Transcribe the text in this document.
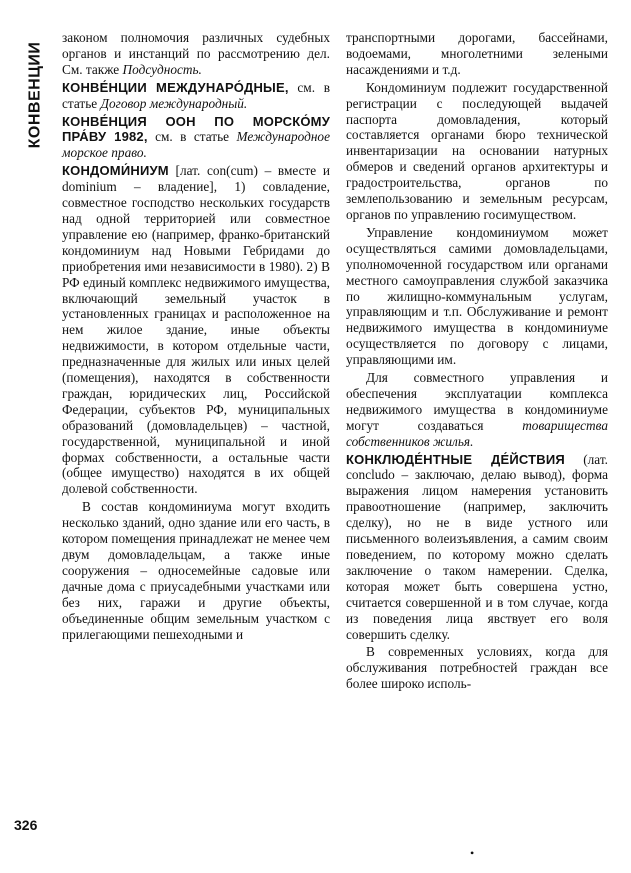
КОНВЕНЦИИ
326

законом полномочия различных судебных органов и инстанций по рассмотрению дел. См. также Подсудность.

КОНВЕ́НЦИИ МЕЖДУНАРО́ДНЫЕ, см. в статье Договор международный.

КОНВЕ́НЦИЯ ООН ПО МОРСКО́МУ ПРА́ВУ 1982, см. в статье Международное морское право.

КОНДОМИ́НИУМ [лат. con(cum) – вместе и dominium – владение], 1) совладение, совместное господство нескольких государств над одной территорией или совместное управление ею (например, франко-британский кондоминиум над Новыми Гебридами до приобретения ими независимости в 1980). 2) В РФ единый комплекс недвижимого имущества, включающий земельный участок в установленных границах и расположенное на нем жилое здание, иные объекты недвижимости, в котором отдельные части, предназначенные для жилых или иных целей (помещения), находятся в собственности граждан, юридических лиц, Российской Федерации, субъектов РФ, муниципальных образований (домовладельцев) – частной, государственной, муниципальной и иной формах собственности, а остальные части (общее имущество) находятся в их общей долевой собственности.

В состав кондоминиума могут входить несколько зданий, одно здание или его часть, в котором помещения принадлежат не менее чем двум домовладельцам, а также иные сооружения – односемейные садовые или дачные дома с приусадебными участками или без них, гаражи и другие объекты, объединенные общим земельным участком с прилегающими пешеходными и

транспортными дорогами, бассейнами, водоемами, многолетними зелеными насаждениями и т.д.

Кондоминиум подлежит государственной регистрации с последующей выдачей паспорта домовладения, который составляется органами бюро технической инвентаризации на основании натурных обмеров и сведений органов архитектуры и градостроительства, органов по землепользованию и земельным ресурсам, органов по управлению госимуществом.

Управление кондоминиумом может осуществляться самими домовладельцами, уполномоченной государством или органами местного самоуправления службой заказчика по жилищно-коммунальным услугам, управляющим и т.п. Обслуживание и ремонт недвижимого имущества в кондоминиуме осуществляется по договору с лицами, управляющими им.

Для совместного управления и обеспечения эксплуатации комплекса недвижимого имущества в кондоминиуме могут создаваться товарищества собственников жилья.

КОНКЛЮДЕ́НТНЫЕ ДЕ́ЙСТВИЯ (лат. concludo – заключаю, делаю вывод), форма выражения лицом намерения установить правоотношение (например, заключить сделку), но не в виде устного или письменного волеизъявления, а самим своим поведением, по которому можно сделать заключение о таком намерении. Сделка, которая может быть совершена устно, считается совершенной и в том случае, когда из поведения лица явствует его воля совершить сделку.

В современных условиях, когда для обслуживания потребностей граждан все более широко исполь-

•
